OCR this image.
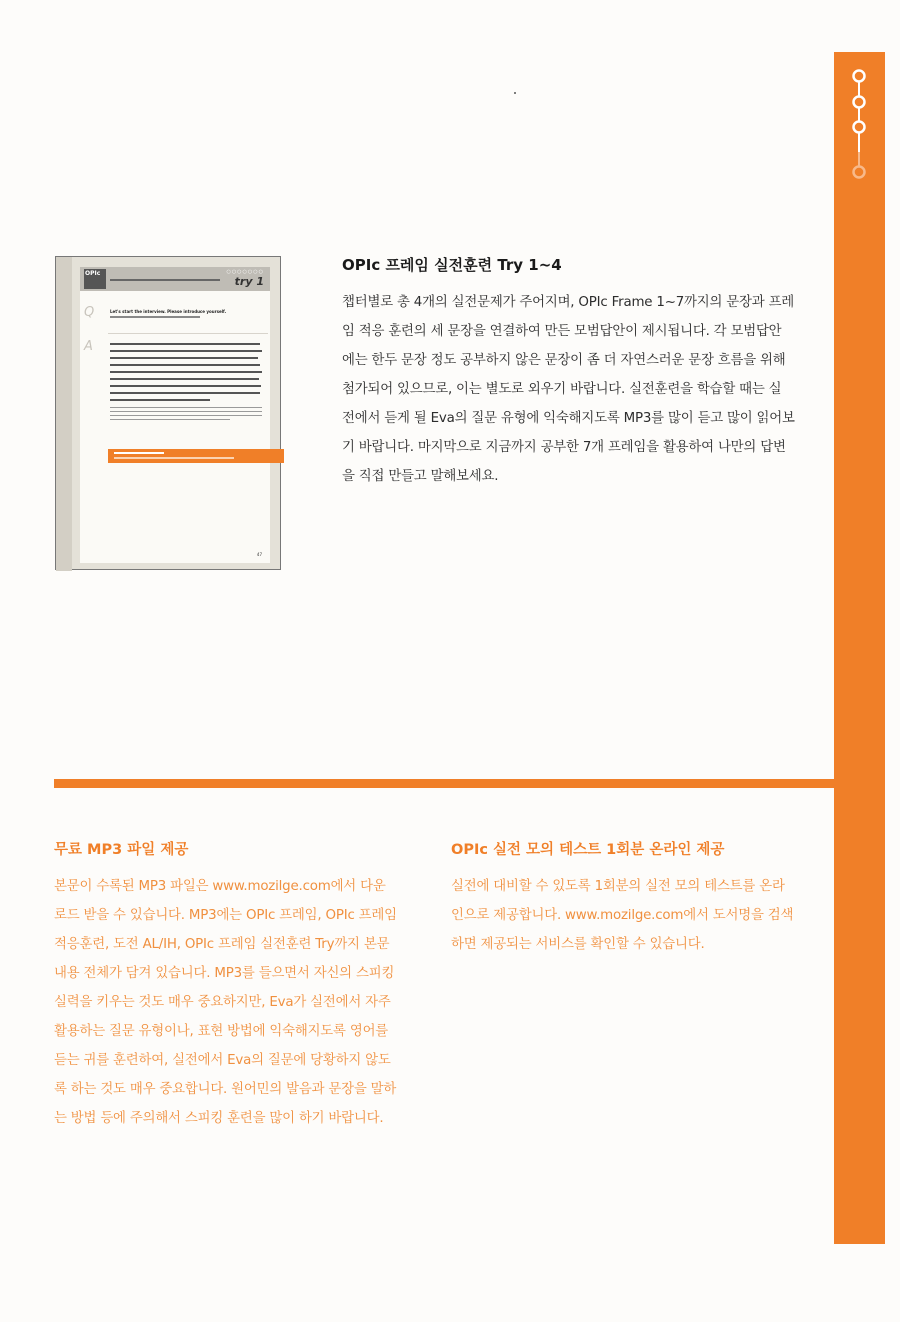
OPIc	○○○○○○○
try 1
Q	Let's start the interview. Please introduce yourself.
A
47
OPIc 프레임 실전훈련 Try 1~4
챕터별로 총 4개의 실전문제가 주어지며, OPIc Frame 1~7까지의 문장과 프레
임 적응 훈련의 세 문장을 연결하여 만든 모범답안이 제시됩니다. 각 모범답안
에는 한두 문장 정도 공부하지 않은 문장이 좀 더 자연스러운 문장 흐름을 위해
첨가되어 있으므로, 이는 별도로 외우기 바랍니다. 실전훈련을 학습할 때는 실
전에서 듣게 될 Eva의 질문 유형에 익숙해지도록 MP3를 많이 듣고 많이 읽어보
기 바랍니다. 마지막으로 지금까지 공부한 7개 프레임을 활용하여 나만의 답변
을 직접 만들고 말해보세요.
무료 MP3 파일 제공
본문이 수록된 MP3 파일은 www.mozilge.com에서 다운
로드 받을 수 있습니다. MP3에는 OPIc 프레임, OPIc 프레임
적응훈련, 도전 AL/IH, OPIc 프레임 실전훈련 Try까지 본문
내용 전체가 담겨 있습니다. MP3를 들으면서 자신의 스피킹
실력을 키우는 것도 매우 중요하지만, Eva가 실전에서 자주
활용하는 질문 유형이나, 표현 방법에 익숙해지도록 영어를
듣는 귀를 훈련하여, 실전에서 Eva의 질문에 당황하지 않도
록 하는 것도 매우 중요합니다. 원어민의 발음과 문장을 말하
는 방법 등에 주의해서 스피킹 훈련을 많이 하기 바랍니다.
OPIc 실전 모의 테스트 1회분 온라인 제공
실전에 대비할 수 있도록 1회분의 실전 모의 테스트를 온라
인으로 제공합니다. www.mozilge.com에서 도서명을 검색
하면 제공되는 서비스를 확인할 수 있습니다.
